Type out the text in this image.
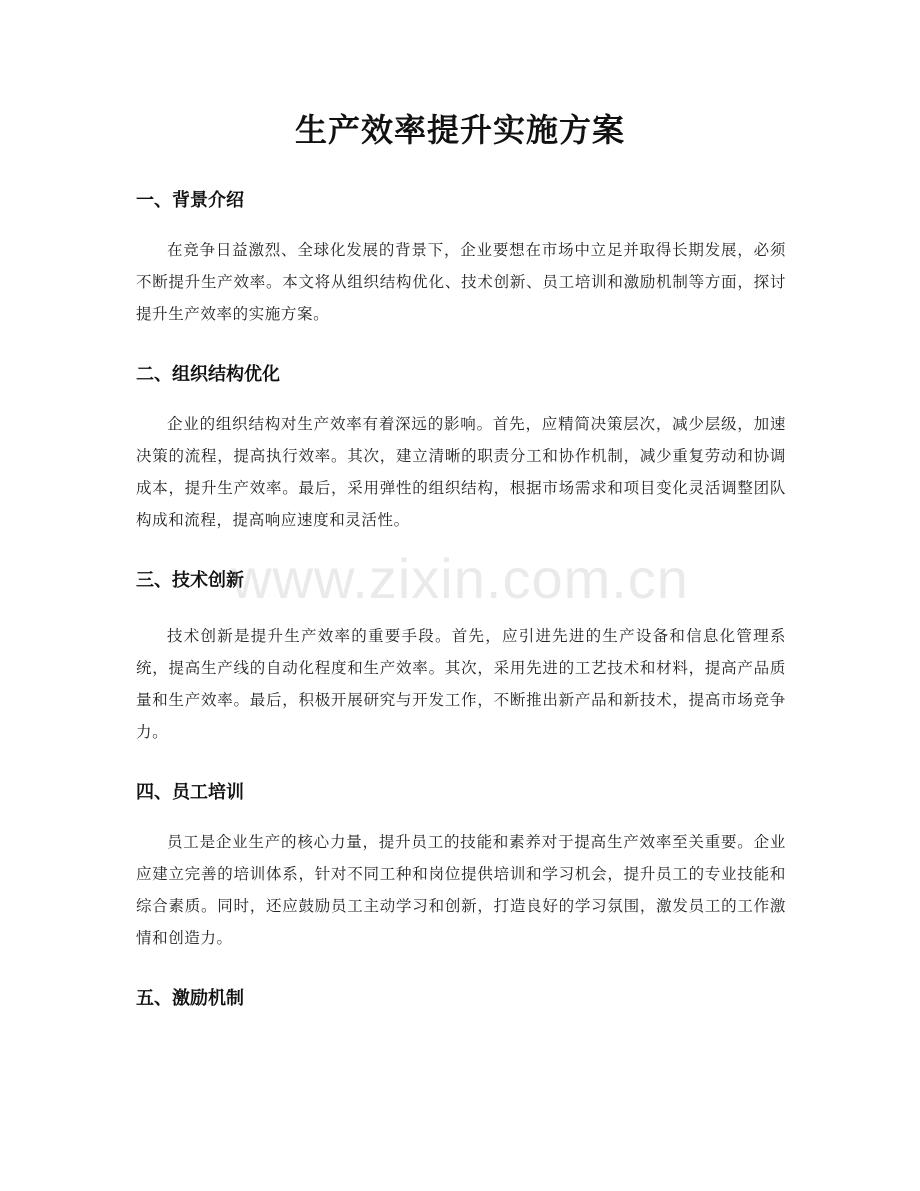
生产效率提升实施方案
一、背景介绍

在竞争日益激烈、全球化发展的背景下，企业要想在市场中立足并取得长期发展，必须不断提升生产效率。本文将从组织结构优化、技术创新、员工培训和激励机制等方面，探讨提升生产效率的实施方案。

二、组织结构优化

企业的组织结构对生产效率有着深远的影响。首先，应精简决策层次，减少层级，加速决策的流程，提高执行效率。其次，建立清晰的职责分工和协作机制，减少重复劳动和协调成本，提升生产效率。最后，采用弹性的组织结构，根据市场需求和项目变化灵活调整团队构成和流程，提高响应速度和灵活性。

三、技术创新

技术创新是提升生产效率的重要手段。首先，应引进先进的生产设备和信息化管理系统，提高生产线的自动化程度和生产效率。其次，采用先进的工艺技术和材料，提高产品质量和生产效率。最后，积极开展研究与开发工作，不断推出新产品和新技术，提高市场竞争力。

四、员工培训

员工是企业生产的核心力量，提升员工的技能和素养对于提高生产效率至关重要。企业应建立完善的培训体系，针对不同工种和岗位提供培训和学习机会，提升员工的专业技能和综合素质。同时，还应鼓励员工主动学习和创新，打造良好的学习氛围，激发员工的工作激情和创造力。

五、激励机制
www.zixin.com.cn
